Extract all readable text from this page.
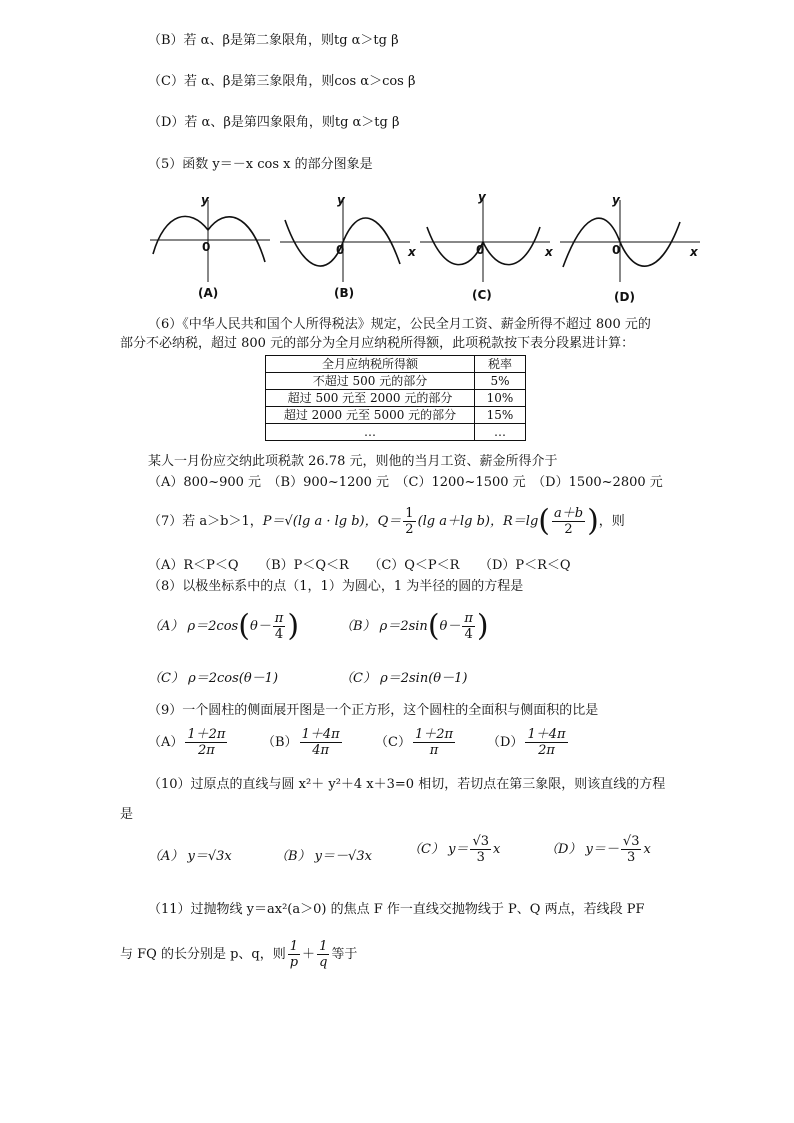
（B）若 α、β是第二象限角，则tg α＞tg β
（C）若 α、β是第三象限角，则cos α＞cos β
（D）若 α、β是第四象限角，则tg α＞tg β
（5）函数 y＝－x cos x 的部分图象是
y
0
y
0	x
y
0	x
y
0	x
(A)	(B)	(C)	(D)
（6）《中华人民共和国个人所得税法》规定，公民全月工资、薪金所得不超过 800 元的
部分不必纳税，超过 800 元的部分为全月应纳税所得额，此项税款按下表分段累进计算：
全月应纳税所得额	税率
不超过 500 元的部分	5%
超过 500 元至 2000 元的部分	10%
超过 2000 元至 5000 元的部分	15%
…	…
某人一月份应交纳此项税款 26.78 元，则他的当月工资、薪金所得介于
（A）800~900 元　（B）900~1200 元　（C）1200~1500 元　（D）1500~2800 元
（7）若 a＞b＞1，P＝√(lg a · lg b)，$Q= \frac{1}{2} (\lg$ a＋lg b)，$R=\lg( \frac{a+b}{2}$ )，则
（A）R＜P＜Q　　（B）P＜Q＜R　　（C）Q＜P＜R　　（D）P＜R＜Q
（8）以极坐标系中的点（1，1）为圆心，1 为半径的圆的方程是
（A） $\rho=2\cos(\theta- \frac{\pi}{4}$ )	（B） $\rho=2\sin(\theta- \frac{\pi}{4}$ )
（C） ρ＝2cos(θ－1)	（C） ρ＝2sin(θ－1)
（9）一个圆柱的侧面展开图是一个正方形，这个圆柱的全面积与侧面积的比是
$(A) \frac{1+2\pi}{2\pi}$	$(B) \frac{1+4\pi}{4\pi}$	$(C) \frac{1+2\pi}{\pi} (D) \frac{1+4\pi}{2\pi}$
（10）过原点的直线与圆 x²＋ y²＋4 x＋3=0 相切，若切点在第三象限，则该直线的方程
是
（A） y＝√3x	（B） y＝－√3x	（C） $y= \frac{√3}{3}$ x	（D） $y=- \frac{√3}{3}$ x
（11）过抛物线 y＝ax²(a＞0) 的焦点 F 作一直线交抛物线于 P、Q 两点，若线段 PF
与 FQ 的长分别是 p、q，则 $\frac{1}{p} + \frac{1}{q}$ 等于
